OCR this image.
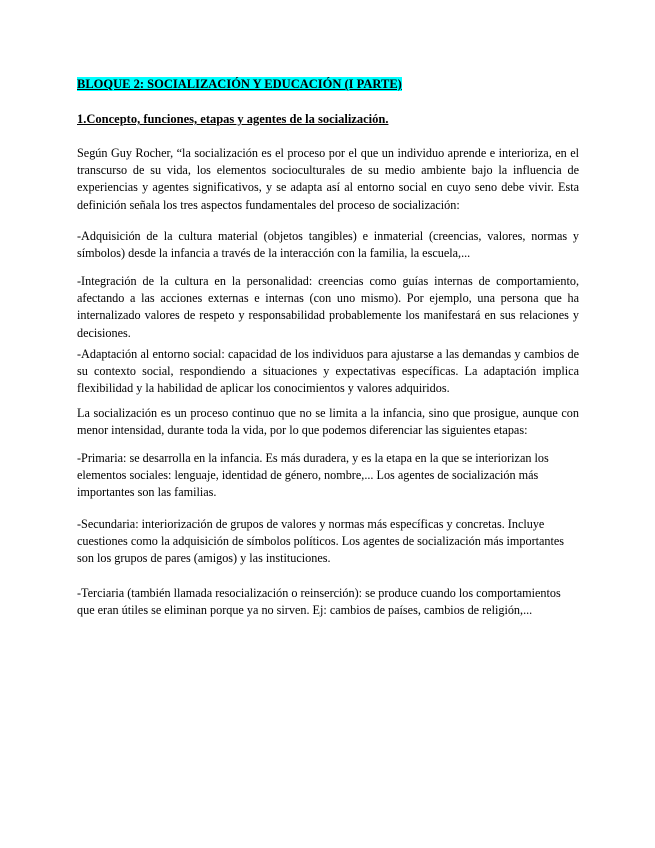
BLOQUE 2: SOCIALIZACIÓN Y EDUCACIÓN (I PARTE)
1.Concepto, funciones, etapas y agentes de la socialización.

Según Guy Rocher, “la socialización es el proceso por el que un individuo aprende e interioriza, en el transcurso de su vida, los elementos socioculturales de su medio ambiente bajo la influencia de experiencias y agentes significativos, y se adapta así al entorno social en cuyo seno debe vivir. Esta definición señala los tres aspectos fundamentales del proceso de socialización:

-Adquisición de la cultura material (objetos tangibles) e inmaterial (creencias, valores, normas y símbolos) desde la infancia a través de la interacción con la familia, la escuela,...

-Integración de la cultura en la personalidad: creencias como guías internas de comportamiento, afectando a las acciones externas e internas (con uno mismo). Por ejemplo, una persona que ha internalizado valores de respeto y responsabilidad probablemente los manifestará en sus relaciones y decisiones.

-Adaptación al entorno social: capacidad de los individuos para ajustarse a las demandas y cambios de su contexto social, respondiendo a situaciones y expectativas específicas. La adaptación implica flexibilidad y la habilidad de aplicar los conocimientos y valores adquiridos.

La socialización es un proceso continuo que no se limita a la infancia, sino que prosigue, aunque con menor intensidad, durante toda la vida, por lo que podemos diferenciar las siguientes etapas:

-Primaria: se desarrolla en la infancia. Es más duradera, y es la etapa en la que se interiorizan los elementos sociales: lenguaje, identidad de género, nombre,... Los agentes de socialización más importantes son las familias.

-Secundaria: interiorización de grupos de valores y normas más específicas y concretas. Incluye cuestiones como la adquisición de símbolos políticos. Los agentes de socialización más importantes son los grupos de pares (amigos) y las instituciones.

-Terciaria (también llamada resocialización o reinserción): se produce cuando los comportamientos que eran útiles se eliminan porque ya no sirven. Ej: cambios de países, cambios de religión,...
